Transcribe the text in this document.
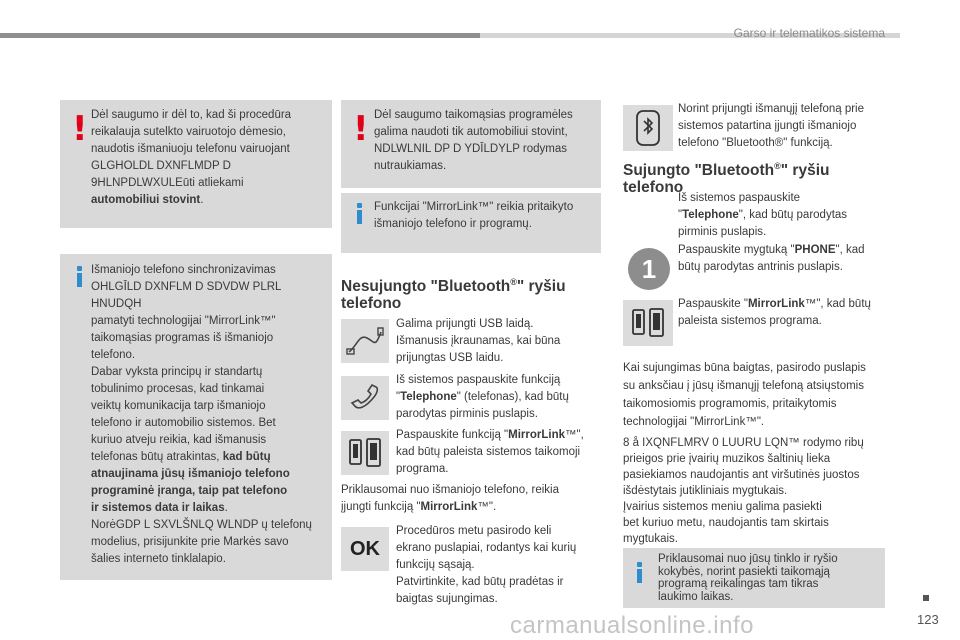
Garso ir telematikos sistema
! Dėl saugumo ir dėl to, kad ši procedūra
reikalauja sutelkto vairuotojo dėmesio,
naudotis išmaniuoju telefonu vairuojant
GLGHOLDL DXNFLMDP D
9HLNPDLWXULEūti atliekami
automobiliui stovint.
Išmaniojo telefono sinchronizavimas
OHLGĪLD DXNFLM D SDVDW PLRL HNUDQH
pamatyti technologijai "MirrorLink™"
taikomąsias programas iš išmaniojo
telefono.
Dabar vyksta principų ir standartų
tobulinimo procesas, kad tinkamai
veiktų komunikacija tarp išmaniojo
telefono ir automobilio sistemos. Bet
kuriuo atveju reikia, kad išmanusis
telefonas būtų atrakintas, kad būtų
atnaujinama jūsų išmaniojo telefono
programinė įranga, taip pat telefono
ir sistemos data ir laikas.
NorėGDP L SXVLŠNLQ WLNDP ų telefonų
modelius, prisijunkite prie Markės savo
šalies interneto tinklalapio.
! Dėl saugumo taikomąsias programėles
galima naudoti tik automobiliui stovint,
NDLWLNIL DP D YDĪLDYLP rodymas
nutraukiamas.
Funkcijai "MirrorLink™" reikia pritaikyto
išmaniojo telefono ir programų.
Nesujungto "Bluetooth®" ryšiu
telefono
Galima prijungti USB laidą.
Išmanusis įkraunamas, kai būna
prijungtas USB laidu.
Iš sistemos paspauskite funkciją
"Telephone" (telefonas), kad būtų
parodytas pirminis puslapis.
Paspauskite funkciją "MirrorLink™",
kad būtų paleista sistemos taikomoji
programa.
Priklausomai nuo išmaniojo telefono, reikia
įjungti funkciją "MirrorLink™".
OK
Procedūros metu pasirodo keli
ekrano puslapiai, rodantys kai kurių
funkcijų sąsają.
Patvirtinkite, kad būtų pradėtas ir
baigtas sujungimas.
Norint prijungti išmanųjį telefoną prie
sistemos patartina įjungti išmaniojo
telefono "Bluetooth®" funkciją.
Sujungto "Bluetooth®" ryšiu
telefono
1
Iš sistemos paspauskite
"Telephone", kad būtų parodytas
pirminis puslapis.
Paspauskite mygtuką "PHONE", kad
būtų parodytas antrinis puslapis.
Paspauskite "MirrorLink™", kad būtų
paleista sistemos programa.
Kai sujungimas būna baigtas, pasirodo puslapis
su anksčiau į jūsų išmanųjį telefoną atsiųstomis
taikomosiomis programomis, pritaikytomis
technologijai "MirrorLink™".
8 å IXQNFLMRV 0 LUURU LQN™ rodymo ribų
prieigos prie įvairių muzikos šaltinių lieka
pasiekiamos naudojantis ant viršutinės juostos
išdėstytais jutikliniais mygtukais.
Įvairius sistemos meniu galima pasiekti
bet kuriuo metu, naudojantis tam skirtais
mygtukais.
Priklausomai nuo jūsų tinklo ir ryšio
kokybės, norint pasiekti taikomąją
programą reikalingas tam tikras
laukimo laikas.
carmanualsonline.info	123
